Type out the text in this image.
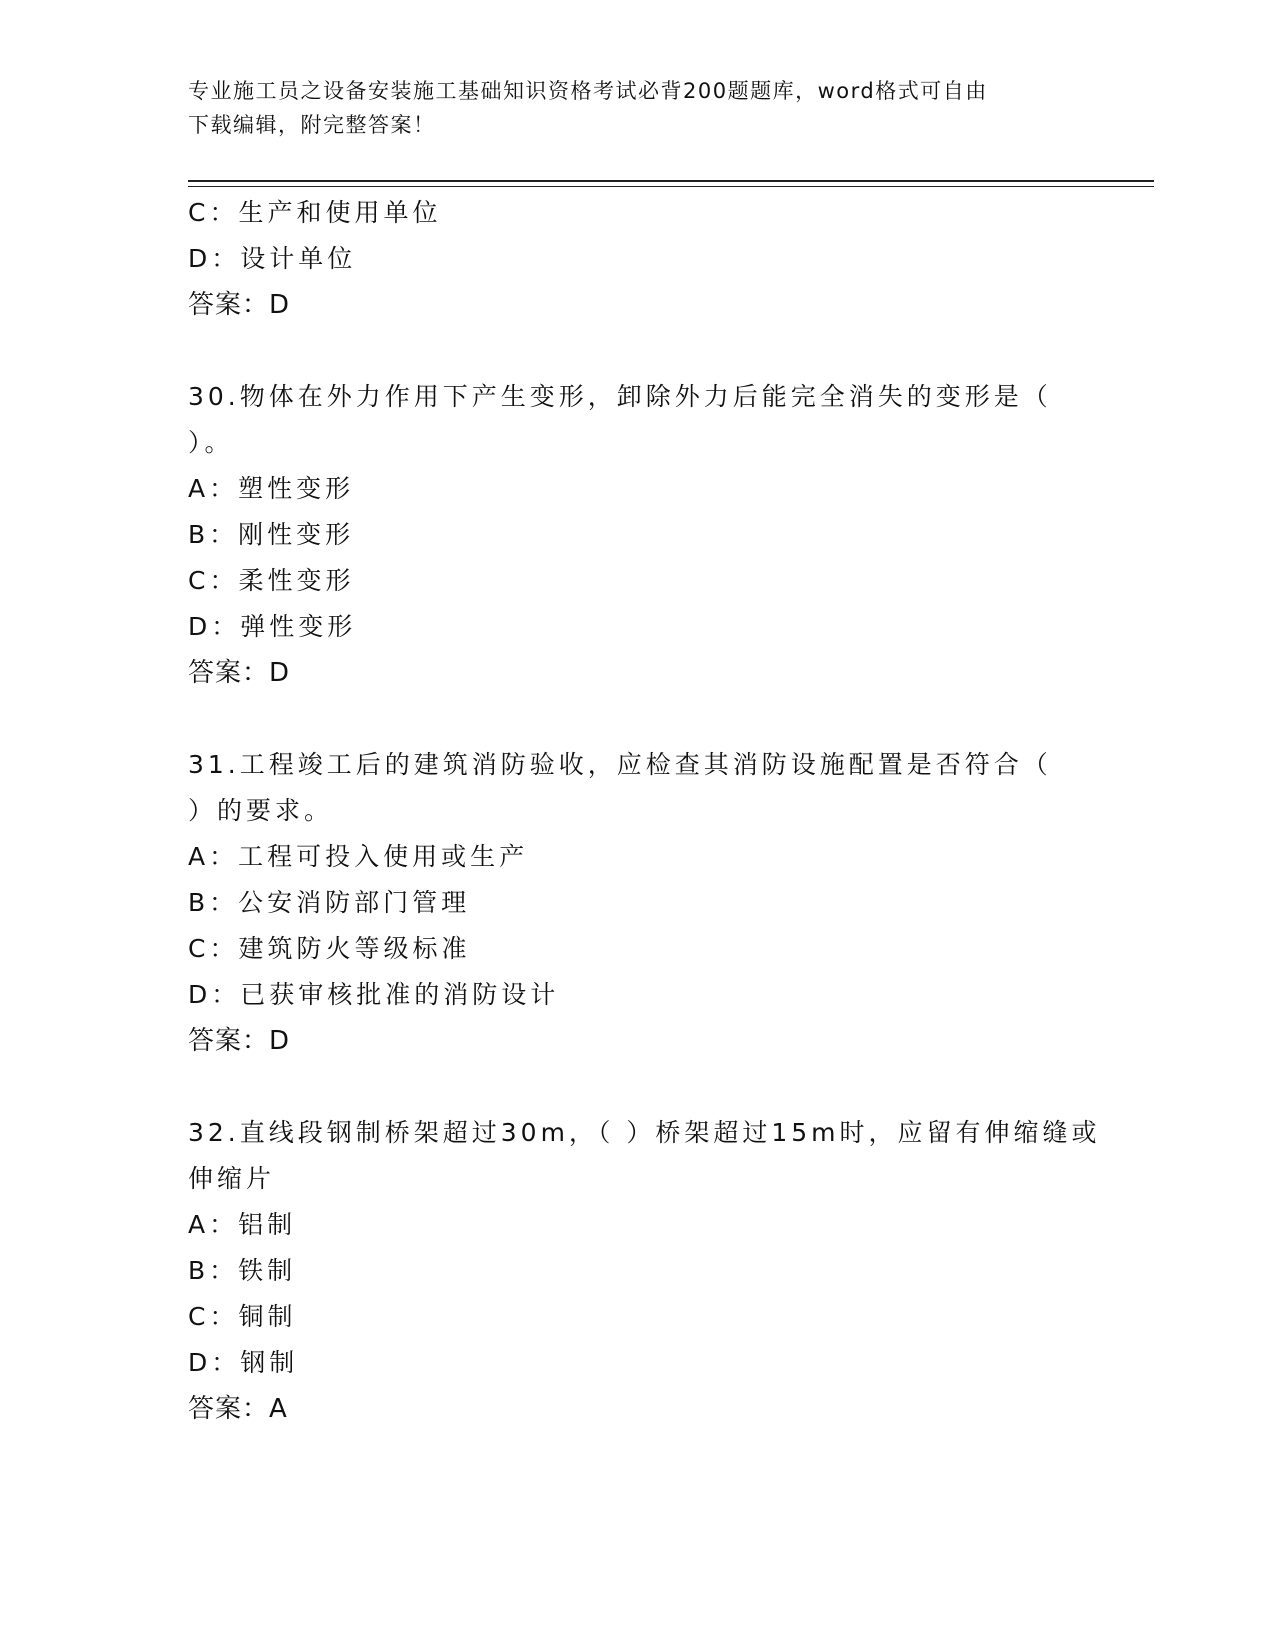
专业施工员之设备安装施工基础知识资格考试必背200题题库，word格式可自由
下载编辑，附完整答案！
C：生产和使用单位
D：设计单位
答案：D
30.物体在外力作用下产生变形，卸除外力后能完全消失的变形是（
）。
A：塑性变形
B：刚性变形
C：柔性变形
D：弹性变形
答案：D
31.工程竣工后的建筑消防验收，应检查其消防设施配置是否符合（
）的要求。
A：工程可投入使用或生产
B：公安消防部门管理
C：建筑防火等级标准
D：已获审核批准的消防设计
答案：D
32.直线段钢制桥架超过30m，（ ）桥架超过15m时，应留有伸缩缝或
伸缩片
A：铝制
B：铁制
C：铜制
D：钢制
答案：A
